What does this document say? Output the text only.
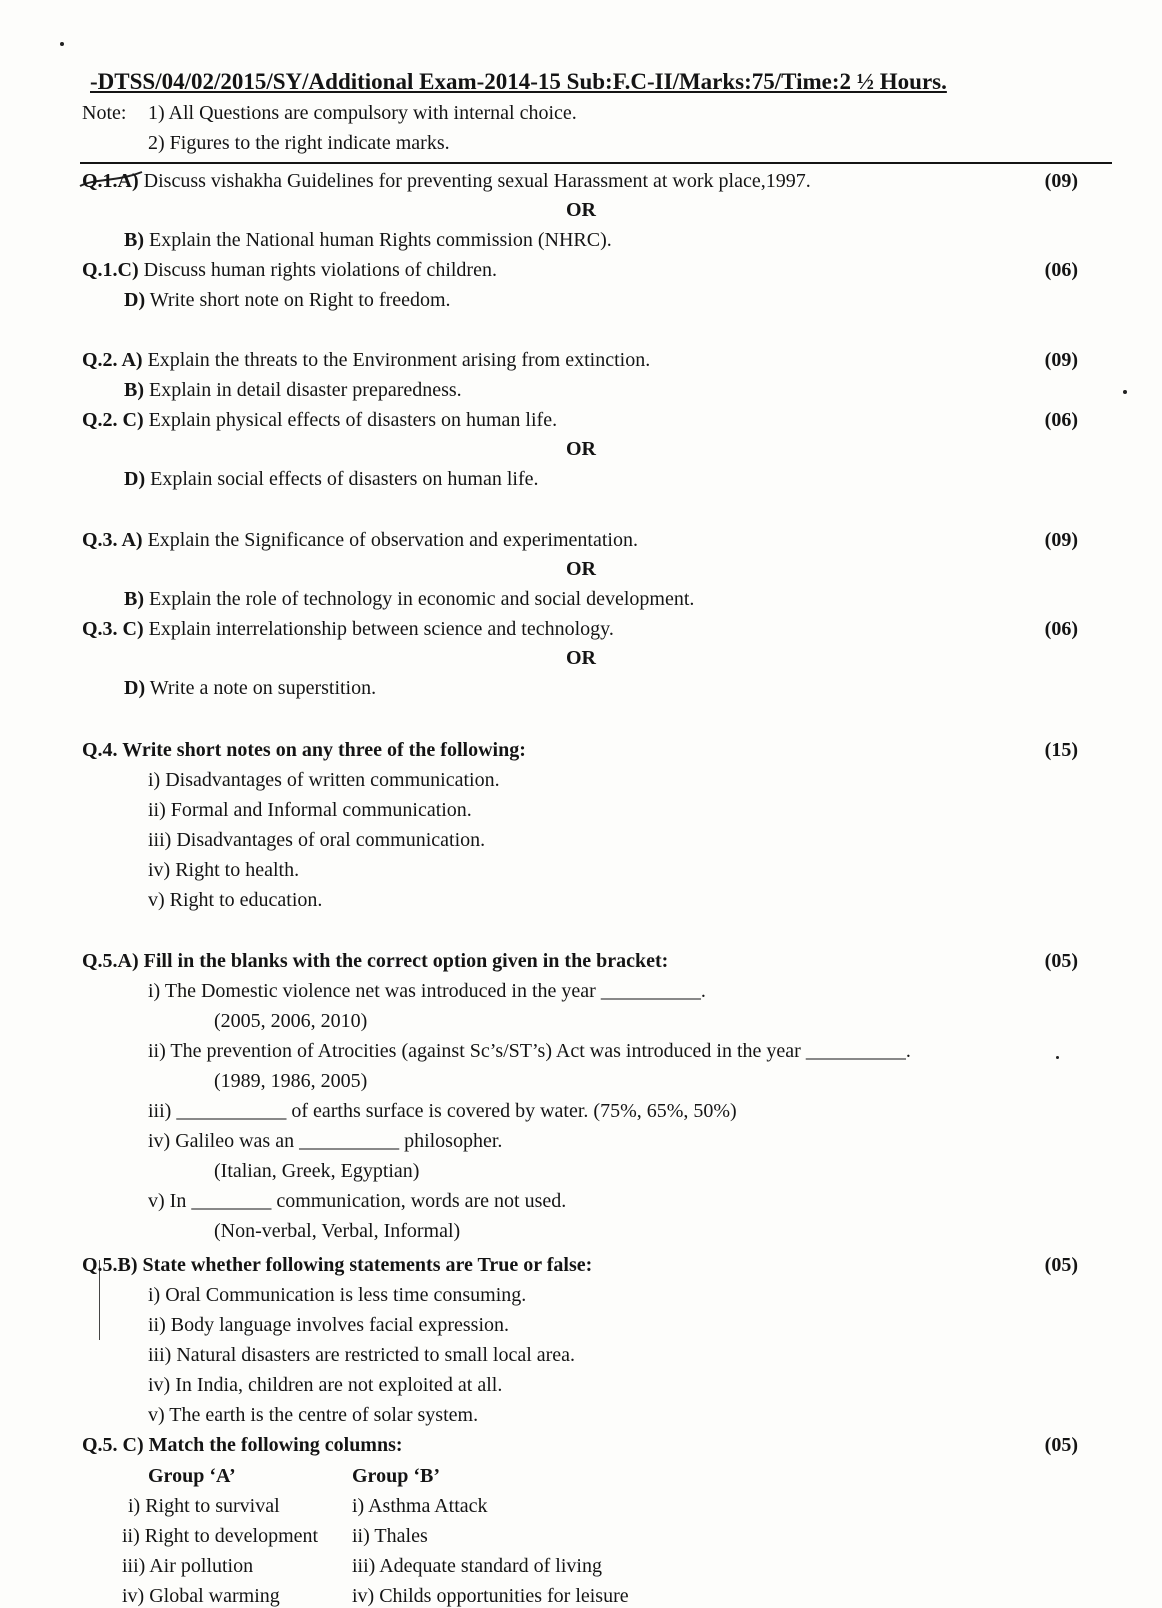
-DTSS/04/02/2015/SY/Additional Exam-2014-15 Sub:F.C-II/Marks:75/Time:2 ½ Hours.
Note: 1) All Questions are compulsory with internal choice.
2) Figures to the right indicate marks.
Q.1.A) Discuss vishakha Guidelines for preventing sexual Harassment at work place,1997.	(09)
OR
B) Explain the National human Rights commission (NHRC).
Q.1.C) Discuss human rights violations of children.	(06)
D) Write short note on Right to freedom.
Q.2. A) Explain the threats to the Environment arising from extinction.	(09)
B) Explain in detail disaster preparedness.
Q.2. C) Explain physical effects of disasters on human life.	(06)
OR
D) Explain social effects of disasters on human life.
Q.3. A) Explain the Significance of observation and experimentation.	(09)
OR
B) Explain the role of technology in economic and social development.
Q.3. C) Explain interrelationship between science and technology.	(06)
OR
D) Write a note on superstition.
Q.4. Write short notes on any three of the following:	(15)
i) Disadvantages of written communication.
ii) Formal and Informal communication.
iii) Disadvantages of oral communication.
iv) Right to health.
v) Right to education.
Q.5.A) Fill in the blanks with the correct option given in the bracket:	(05)
i) The Domestic violence net was introduced in the year __________.
(2005, 2006, 2010)
ii) The prevention of Atrocities (against Sc’s/ST’s) Act was introduced in the year __________.
(1989, 1986, 2005)
iii) ___________ of earths surface is covered by water. (75%, 65%, 50%)
iv) Galileo was an __________ philosopher.
(Italian, Greek, Egyptian)
v) In ________ communication, words are not used.
(Non-verbal, Verbal, Informal)
Q.5.B) State whether following statements are True or false:	(05)
i) Oral Communication is less time consuming.
ii) Body language involves facial expression.
iii) Natural disasters are restricted to small local area.
iv) In India, children are not exploited at all.
v) The earth is the centre of solar system.
Q.5. C) Match the following columns:	(05)
Group ‘A’	Group ‘B’
i) Right to survival	i) Asthma Attack
ii) Right to development ii) Thales
iii) Air pollution	iii) Adequate standard of living
iv) Global warming	iv) Childs opportunities for leisure
